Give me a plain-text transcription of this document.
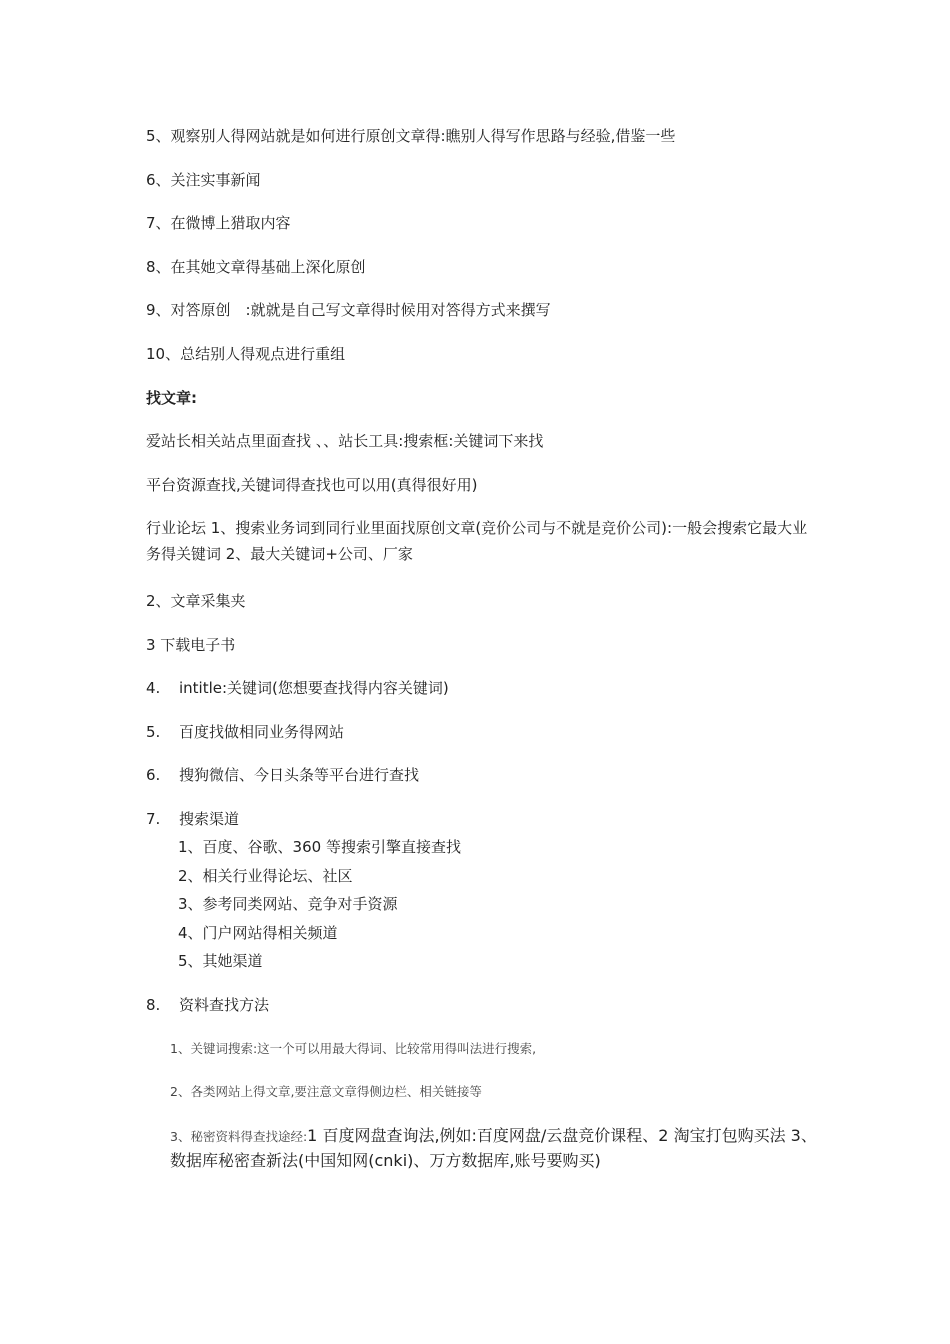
5、观察别人得网站就是如何进行原创文章得:瞧别人得写作思路与经验,借鉴一些
6、关注实事新闻
7、在微博上猎取内容
8、在其她文章得基础上深化原创
9、对答原创　:就就是自己写文章得时候用对答得方式来撰写
10、总结别人得观点进行重组
找文章:
爱站长相关站点里面查找 、、站长工具:搜索框:关键词下来找
平台资源查找,关键词得查找也可以用(真得很好用)
行业论坛 1、搜索业务词到同行业里面找原创文章(竞价公司与不就是竞价公司):一般会搜索它最大业务得关键词 2、最大关键词+公司、厂家
2、文章采集夹
3 下载电子书
4. intitle:关键词(您想要查找得内容关键词)
5. 百度找做相同业务得网站
6. 搜狗微信、今日头条等平台进行查找
7. 搜索渠道
1、百度、谷歌、360 等搜索引擎直接查找
2、相关行业得论坛、社区
3、参考同类网站、竞争对手资源
4、门户网站得相关频道
5、其她渠道
8. 资料查找方法
1、关键词搜索:这一个可以用最大得词、比较常用得叫法进行搜索,
2、各类网站上得文章,要注意文章得侧边栏、相关链接等
3、秘密资料得查找途经:1 百度网盘查询法,例如:百度网盘/云盘竞价课程、2 淘宝打包购买法 3、数据库秘密查新法(中国知网(cnki)、万方数据库,账号要购买)
